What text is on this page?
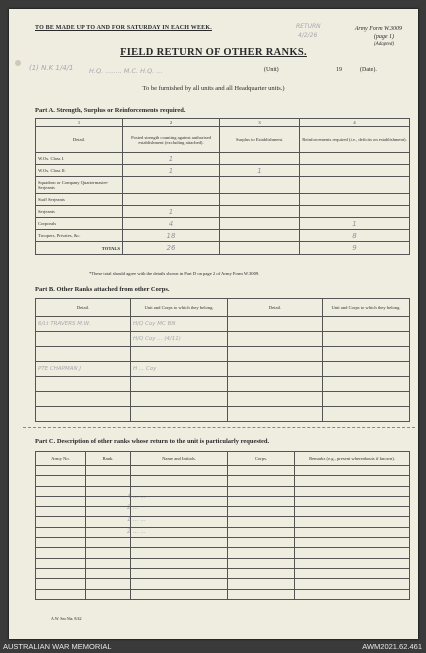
TO BE MADE UP TO AND FOR SATURDAY IN EACH WEEK.	Army Form W.3009
(page 1)
(Adapted)
RETURN
4/2/26
FIELD RETURN OF OTHER RANKS.
(1) N.K 1/4/1 H.Q. ........ M.C. H.Q. ...	(Unit)	19	(Date).
To be furnished by all units and all Headquarter units.)
Part A. Strength, Surplus or Reinforcements required.
1	2	3	4
Detail.	Posted strength counting against authorised establishment (excluding attached).	Surplus to Establishment.	Reinforcements required (i.e., deficits on establishment).
W.Os. Class I.	1		
W.Os. Class II.	1	1	
Squadron or Company Quartermaster-Serjeants			
Staff Serjeants			
Serjeants	1		
Corporals	4		1
Troopers, Privates, &c.	18		8
TOTALS	26		9
*These total should agree with the details shown in Part D on page 2 of Army Form W.3009.
Part B. Other Ranks attached from other Corps.
Detail.	Unit and Corps to which they belong.	Detail.	Unit and Corps to which they belong.
6/Lt TRAVERS M.W.	H/Q Coy MC BN		
	H/Q Coy ... (4/11)		

PTE CHAPMAN J	H ... Coy		

Part C. Description of other ranks whose return to the unit is particularly requested.
Army No.	Rank.	Name and Initials.	Corps.	Remarks (e.g., present whereabouts if known).

4 ... ...
2 ...
1 ... ...
2 ... ...
A.W. Sm 56a. 8/42
AUSTRALIAN WAR MEMORIAL	AWM2021.62.461
